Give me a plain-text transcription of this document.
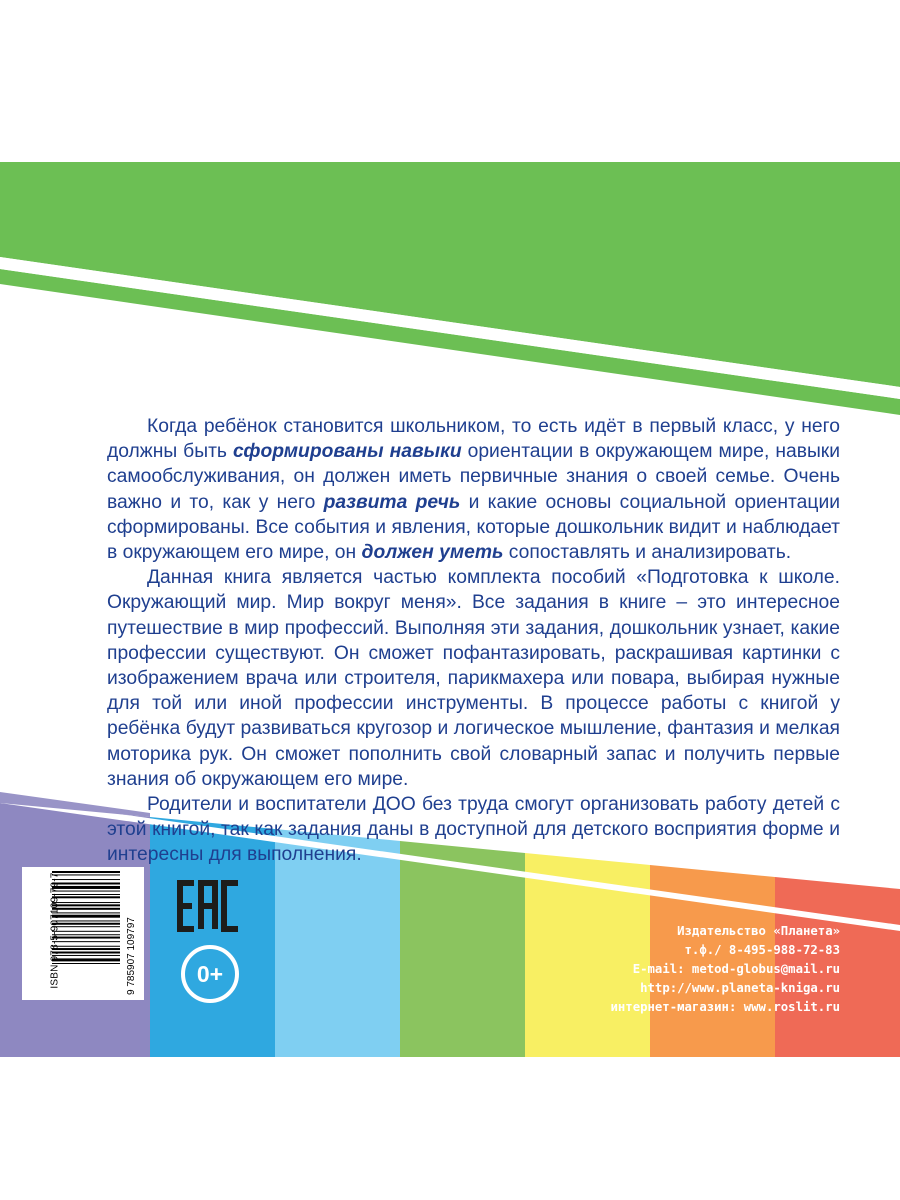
Когда ребёнок становится школьником, то есть идёт в первый класс, у него должны быть сформированы навыки ориентации в окружающем мире, навыки самообслуживания, он должен иметь первичные знания о своей семье. Очень важно и то, как у него развита речь и какие основы социальной ориентации сформированы. Все события и явления, которые дошкольник видит и наблюдает в окружающем его мире, он должен уметь сопоставлять и анализировать.

Данная книга является частью комплекта пособий «Подготовка к школе. Окружающий мир. Мир вокруг меня». Все задания в книге – это интересное путешествие в мир профессий. Выполняя эти задания, дошкольник узнает, какие профессии существуют. Он сможет пофантазировать, раскрашивая картинки с изображением врача или строителя, парикмахера или повара, выбирая нужные для той или иной профессии инструменты. В процессе работы с книгой у ребёнка будут развиваться кругозор и логическое мышление, фантазия и мелкая моторика рук. Он сможет пополнить свой словарный запас и получить первые знания об окружающем его мире.

Родители и воспитатели ДОО без труда смогут организовать работу детей с этой книгой, так как задания даны в доступной для детского восприятия форме и интересны для выполнения.

9 785907 109797
ISBN 978-5-907109-79-7	0+
Издательство «Планета»
т.ф./ 8-495-988-72-83
E-mail: metod-globus@mail.ru
http://www.planeta-kniga.ru
интернет-магазин: www.roslit.ru
